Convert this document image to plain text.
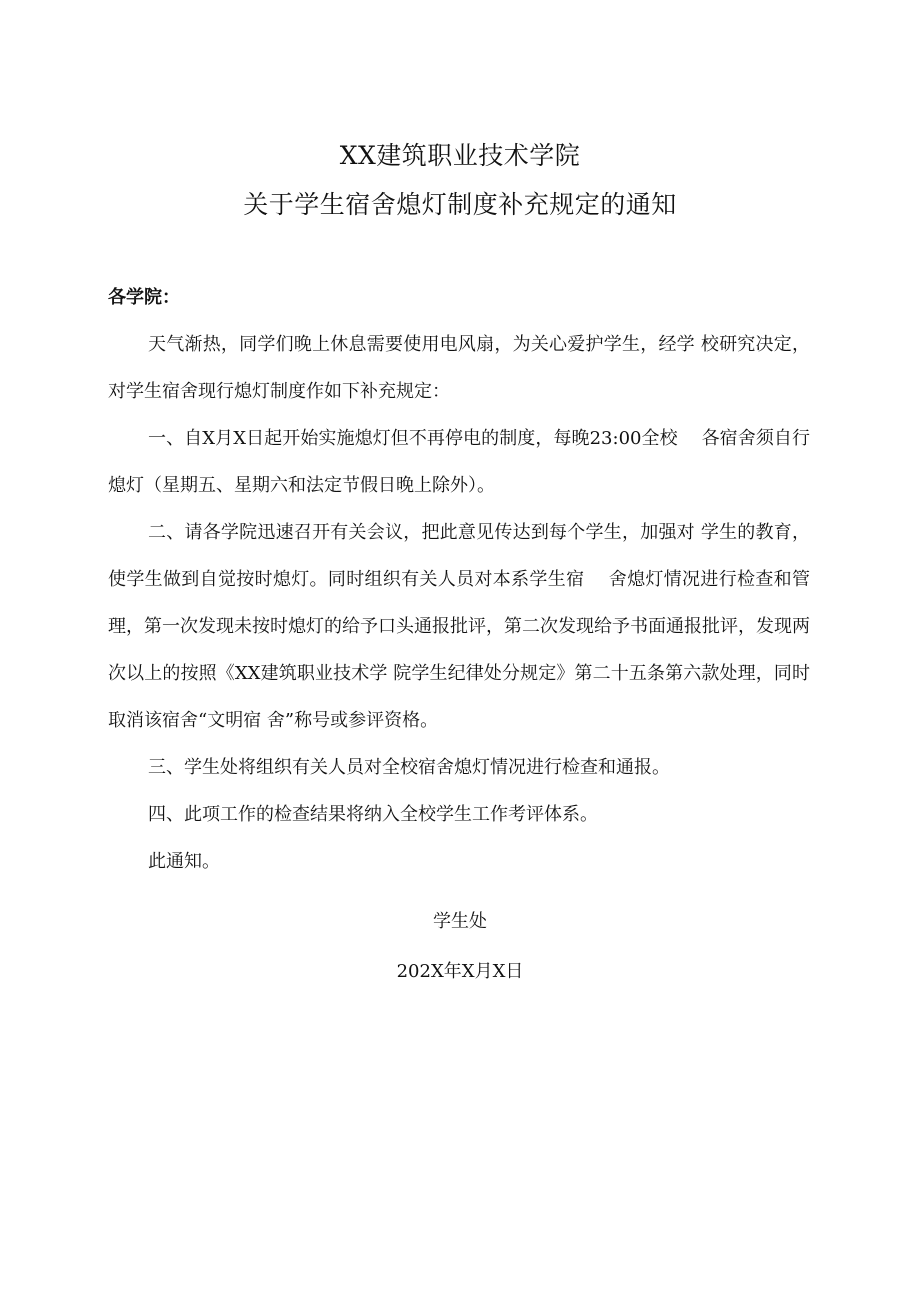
XX建筑职业技术学院
关于学生宿舍熄灯制度补充规定的通知
各学院：

天气渐热，同学们晚上休息需要使用电风扇，为关心爱护学生，经学 校研究决定，对学生宿舍现行熄灯制度作如下补充规定：

一、自X月X日起开始实施熄灯但不再停电的制度，每晚23:00全校　 各宿舍须自行熄灯（星期五、星期六和法定节假日晚上除外）。

二、请各学院迅速召开有关会议，把此意见传达到每个学生，加强对 学生的教育，使学生做到自觉按时熄灯。同时组织有关人员对本系学生宿　 舍熄灯情况进行检查和管理，第一次发现未按时熄灯的给予口头通报批评，第二次发现给予书面通报批评，发现两次以上的按照《XX建筑职业技术学 院学生纪律处分规定》第二十五条第六款处理，同时取消该宿舍“文明宿 舍”称号或参评资格。

三、学生处将组织有关人员对全校宿舍熄灯情况进行检查和通报。

四、此项工作的检查结果将纳入全校学生工作考评体系。

此通知。

学生处
202X年X月X日
